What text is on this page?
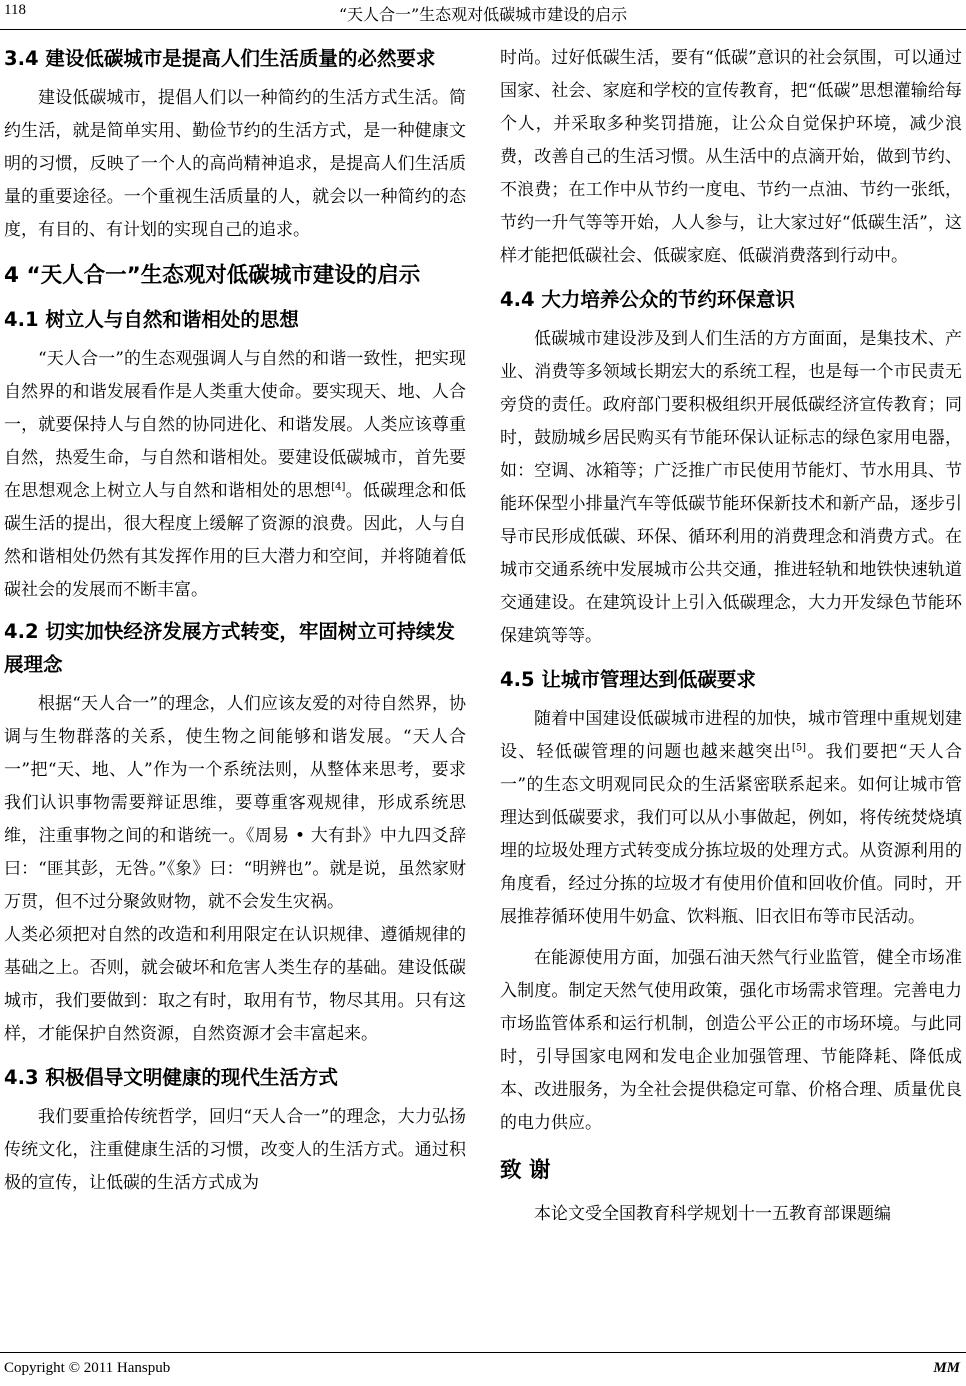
118	“天人合一”生态观对低碳城市建设的启示
3.4 建设低碳城市是提高人们生活质量的必然要求

建设低碳城市，提倡人们以一种简约的生活方式生活。简约生活，就是简单实用、勤俭节约的生活方式，是一种健康文明的习惯，反映了一个人的高尚精神追求，是提高人们生活质量的重要途径。一个重视生活质量的人，就会以一种简约的态度，有目的、有计划的实现自己的追求。

4 “天人合一”生态观对低碳城市建设的启示
4.1 树立人与自然和谐相处的思想

“天人合一”的生态观强调人与自然的和谐一致性，把实现自然界的和谐发展看作是人类重大使命。要实现天、地、人合一，就要保持人与自然的协同进化、和谐发展。人类应该尊重自然，热爱生命，与自然和谐相处。要建设低碳城市，首先要在思想观念上树立人与自然和谐相处的思想[4]。低碳理念和低碳生活的提出，很大程度上缓解了资源的浪费。因此，人与自然和谐相处仍然有其发挥作用的巨大潜力和空间，并将随着低碳社会的发展而不断丰富。

4.2 切实加快经济发展方式转变，牢固树立可持续发展理念

根据“天人合一”的理念，人们应该友爱的对待自然界，协调与生物群落的关系，使生物之间能够和谐发展。“天人合一”把“天、地、人”作为一个系统法则，从整体来思考，要求我们认识事物需要辩证思维，要尊重客观规律，形成系统思维，注重事物之间的和谐统一。《周易 • 大有卦》中九四爻辞曰：“匪其彭，无咎。”《象》曰：“明辨也”。就是说，虽然家财万贯，但不过分聚敛财物，就不会发生灾祸。

人类必须把对自然的改造和利用限定在认识规律、遵循规律的基础之上。否则，就会破坏和危害人类生存的基础。建设低碳城市，我们要做到：取之有时，取用有节，物尽其用。只有这样，才能保护自然资源，自然资源才会丰富起来。

4.3 积极倡导文明健康的现代生活方式

我们要重拾传统哲学，回归“天人合一”的理念，大力弘扬传统文化，注重健康生活的习惯，改变人的生活方式。通过积极的宣传，让低碳的生活方式成为

时尚。过好低碳生活，要有“低碳”意识的社会氛围，可以通过国家、社会、家庭和学校的宣传教育，把“低碳”思想灌输给每个人，并采取多种奖罚措施，让公众自觉保护环境，减少浪费，改善自己的生活习惯。从生活中的点滴开始，做到节约、不浪费；在工作中从节约一度电、节约一点油、节约一张纸，节约一升气等等开始，人人参与，让大家过好“低碳生活”，这样才能把低碳社会、低碳家庭、低碳消费落到行动中。

4.4 大力培养公众的节约环保意识

低碳城市建设涉及到人们生活的方方面面，是集技术、产业、消费等多领域长期宏大的系统工程，也是每一个市民责无旁贷的责任。政府部门要积极组织开展低碳经济宣传教育；同时，鼓励城乡居民购买有节能环保认证标志的绿色家用电器，如：空调、冰箱等；广泛推广市民使用节能灯、节水用具、节能环保型小排量汽车等低碳节能环保新技术和新产品，逐步引导市民形成低碳、环保、循环利用的消费理念和消费方式。在城市交通系统中发展城市公共交通，推进轻轨和地铁快速轨道交通建设。在建筑设计上引入低碳理念，大力开发绿色节能环保建筑等等。

4.5 让城市管理达到低碳要求

随着中国建设低碳城市进程的加快，城市管理中重规划建设、轻低碳管理的问题也越来越突出[5]。我们要把“天人合一”的生态文明观同民众的生活紧密联系起来。如何让城市管理达到低碳要求，我们可以从小事做起，例如，将传统焚烧填埋的垃圾处理方式转变成分拣垃圾的处理方式。从资源利用的角度看，经过分拣的垃圾才有使用价值和回收价值。同时，开展推荐循环使用牛奶盒、饮料瓶、旧衣旧布等市民活动。

在能源使用方面，加强石油天然气行业监管，健全市场准入制度。制定天然气使用政策，强化市场需求管理。完善电力市场监管体系和运行机制，创造公平公正的市场环境。与此同时，引导国家电网和发电企业加强管理、节能降耗、降低成本、改进服务，为全社会提供稳定可靠、价格合理、质量优良的电力供应。

致 谢

本论文受全国教育科学规划十一五教育部课题编

Copyright © 2011 Hanspub	MM
